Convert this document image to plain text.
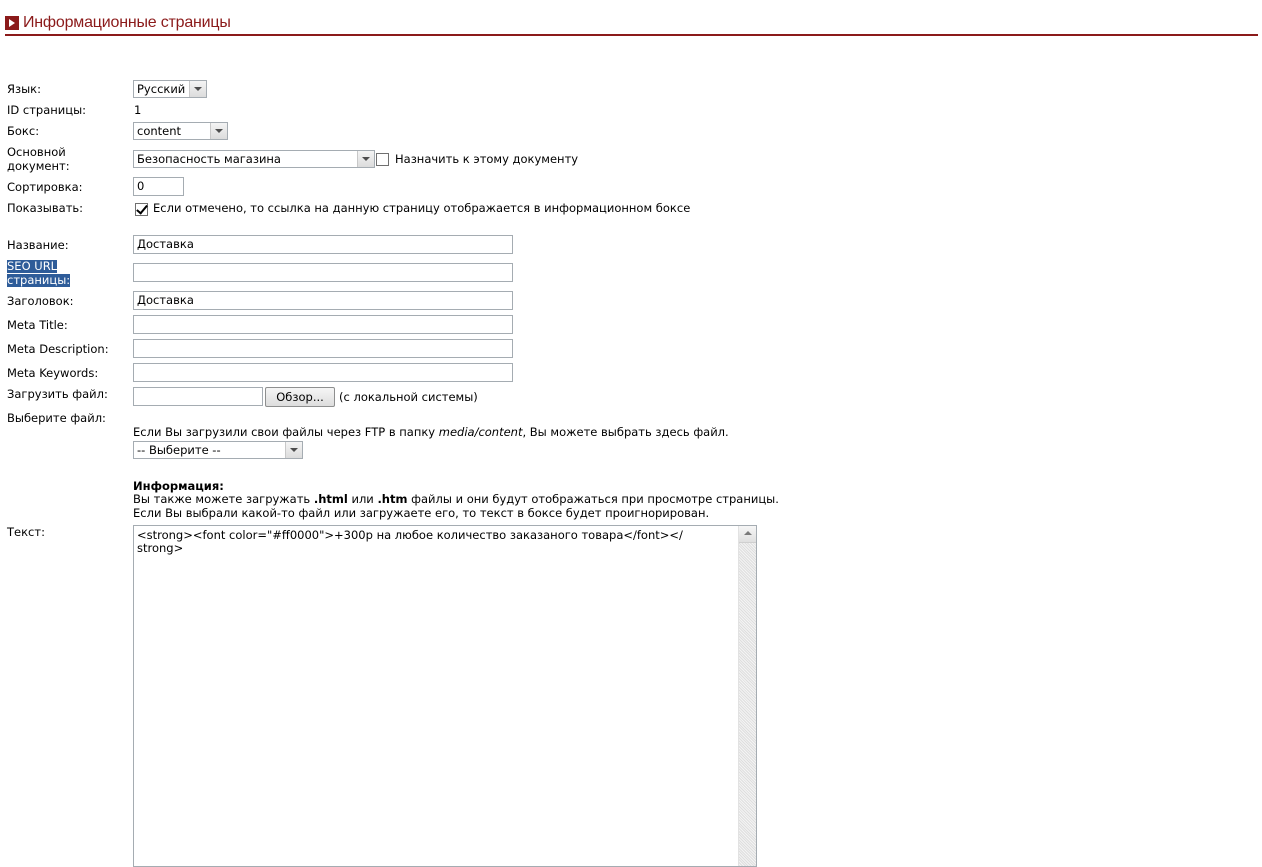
Информационные страницы
Язык:	Русский
ID страницы:	1
Бокс:	content
Основной
документ:	Безопасность магазина	Назначить к этому документу
Сортировка:	0
Показывать:	Если отмечено, то ссылка на данную страницу отображается в информационном боксе
Название:	Доставка
SEO URL
страницы:
Заголовок:	Доставка
Meta Title:
Meta Description:
Meta Keywords:
Загрузить файл:	Обзор...	(с локальной системы)
Выберите файл:
Если Вы загрузили свои файлы через FTP в папку media/content, Вы можете выбрать здесь файл.
-- Выберите --
Информация:
Вы также можете загружать .html или .htm файлы и они будут отображаться при просмотре страницы.
Если Вы выбрали какой-то файл или загружаете его, то текст в боксе будет проигнорирован.
Текст:	<strong><font color="#ff0000">+300р на любое количество заказаного товара</font></
strong>
